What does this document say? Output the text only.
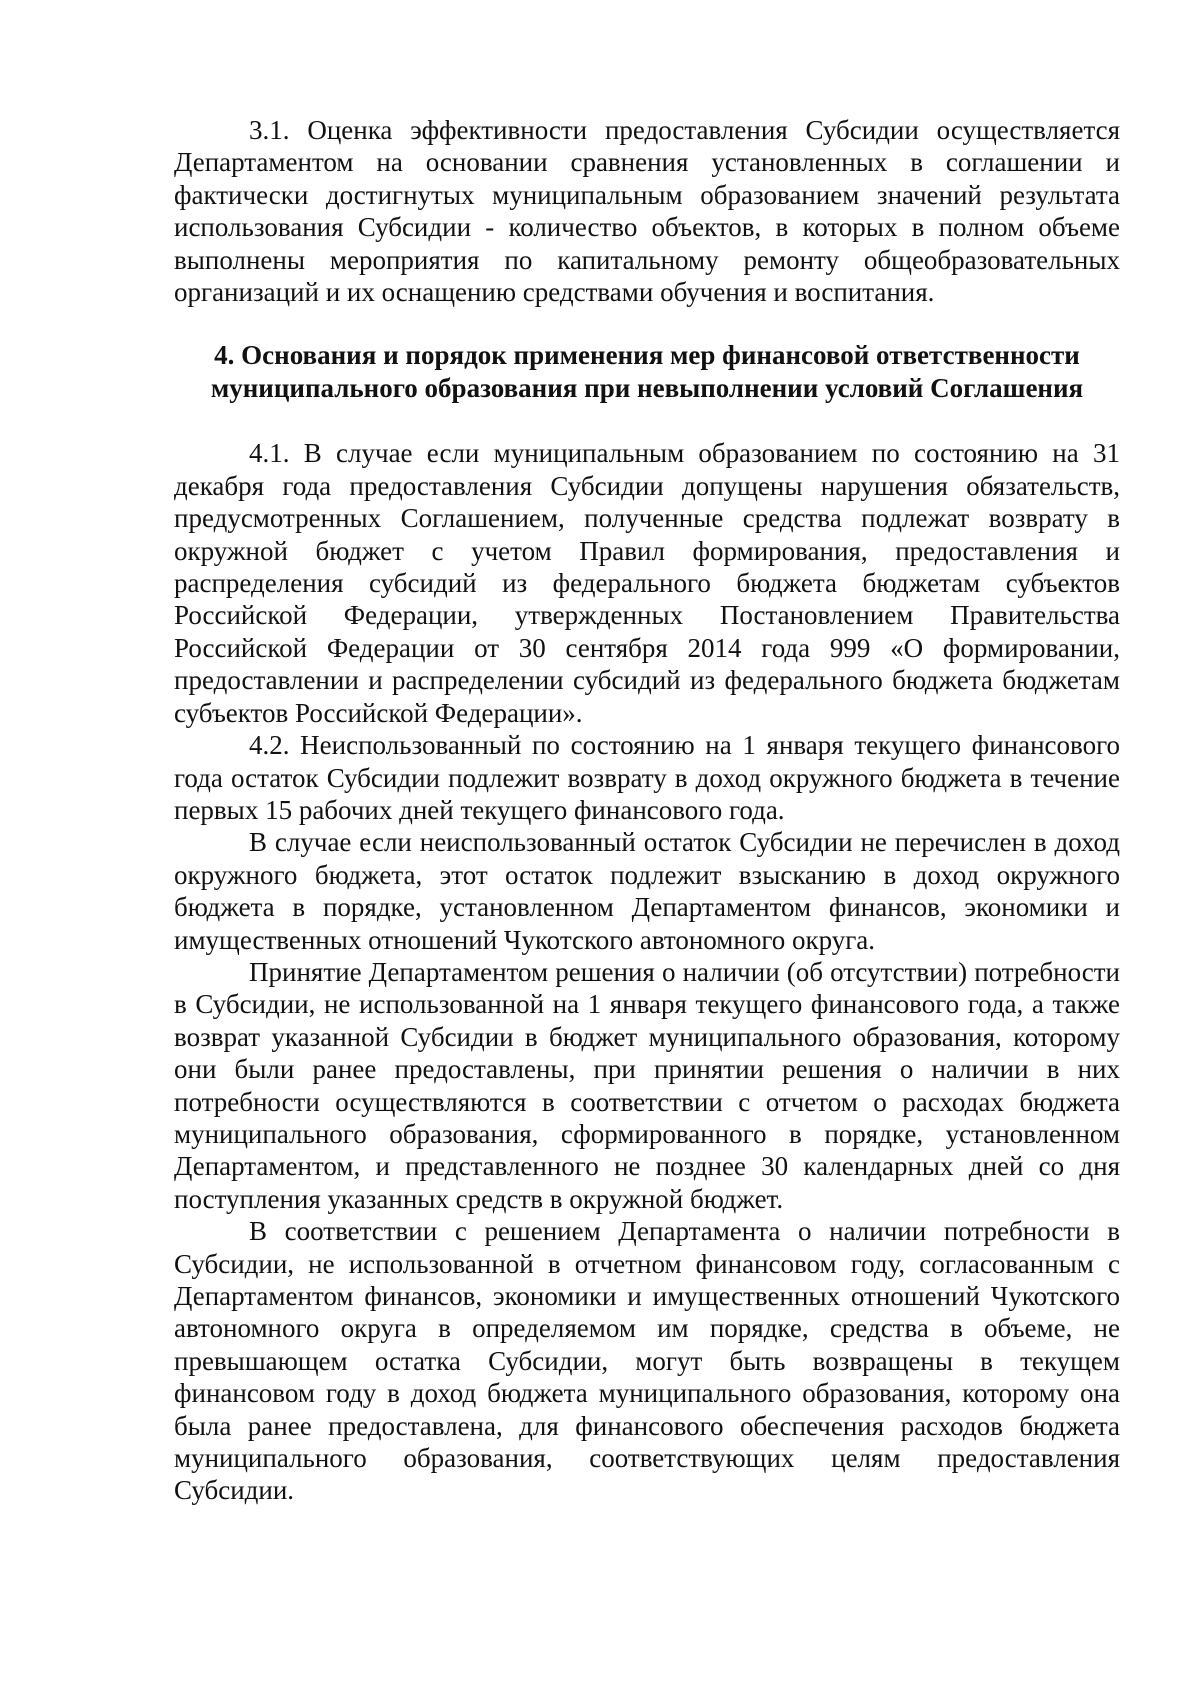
3.1. Оценка эффективности предоставления Субсидии осуществляется Департаментом на основании сравнения установленных в соглашении и фактически достигнутых муниципальным образованием значений результата использования Субсидии - количество объектов, в которых в полном объеме выполнены мероприятия по капитальному ремонту общеобразовательных организаций и их оснащению средствами обучения и воспитания.

4. Основания и порядок применения мер финансовой ответственности
муниципального образования при невыполнении условий Соглашения

4.1. В случае если муниципальным образованием по состоянию на 31 декабря года предоставления Субсидии допущены нарушения обязательств, предусмотренных Соглашением, полученные средства подлежат возврату в окружной бюджет с учетом Правил формирования, предоставления и распределения субсидий из федерального бюджета бюджетам субъектов Российской Федерации, утвержденных Постановлением Правительства Российской Федерации от 30 сентября 2014 года 999 «О формировании, предоставлении и распределении субсидий из федерального бюджета бюджетам субъектов Российской Федерации».

4.2. Неиспользованный по состоянию на 1 января текущего финансового года остаток Субсидии подлежит возврату в доход окружного бюджета в течение первых 15 рабочих дней текущего финансового года.

В случае если неиспользованный остаток Субсидии не перечислен в доход окружного бюджета, этот остаток подлежит взысканию в доход окружного бюджета в порядке, установленном Департаментом финансов, экономики и имущественных отношений Чукотского автономного округа.

Принятие Департаментом решения о наличии (об отсутствии) потребности в Субсидии, не использованной на 1 января текущего финансового года, а также возврат указанной Субсидии в бюджет муниципального образования, которому они были ранее предоставлены, при принятии решения о наличии в них потребности осуществляются в соответствии с отчетом о расходах бюджета муниципального образования, сформированного в порядке, установленном Департаментом, и представленного не позднее 30 календарных дней со дня поступления указанных средств в окружной бюджет.

В соответствии с решением Департамента о наличии потребности в Субсидии, не использованной в отчетном финансовом году, согласованным с Департаментом финансов, экономики и имущественных отношений Чукотского автономного округа в определяемом им порядке, средства в объеме, не превышающем остатка Субсидии, могут быть возвращены в текущем финансовом году в доход бюджета муниципального образования, которому она была ранее предоставлена, для финансового обеспечения расходов бюджета муниципального образования, соответствующих целям предоставления Субсидии.
